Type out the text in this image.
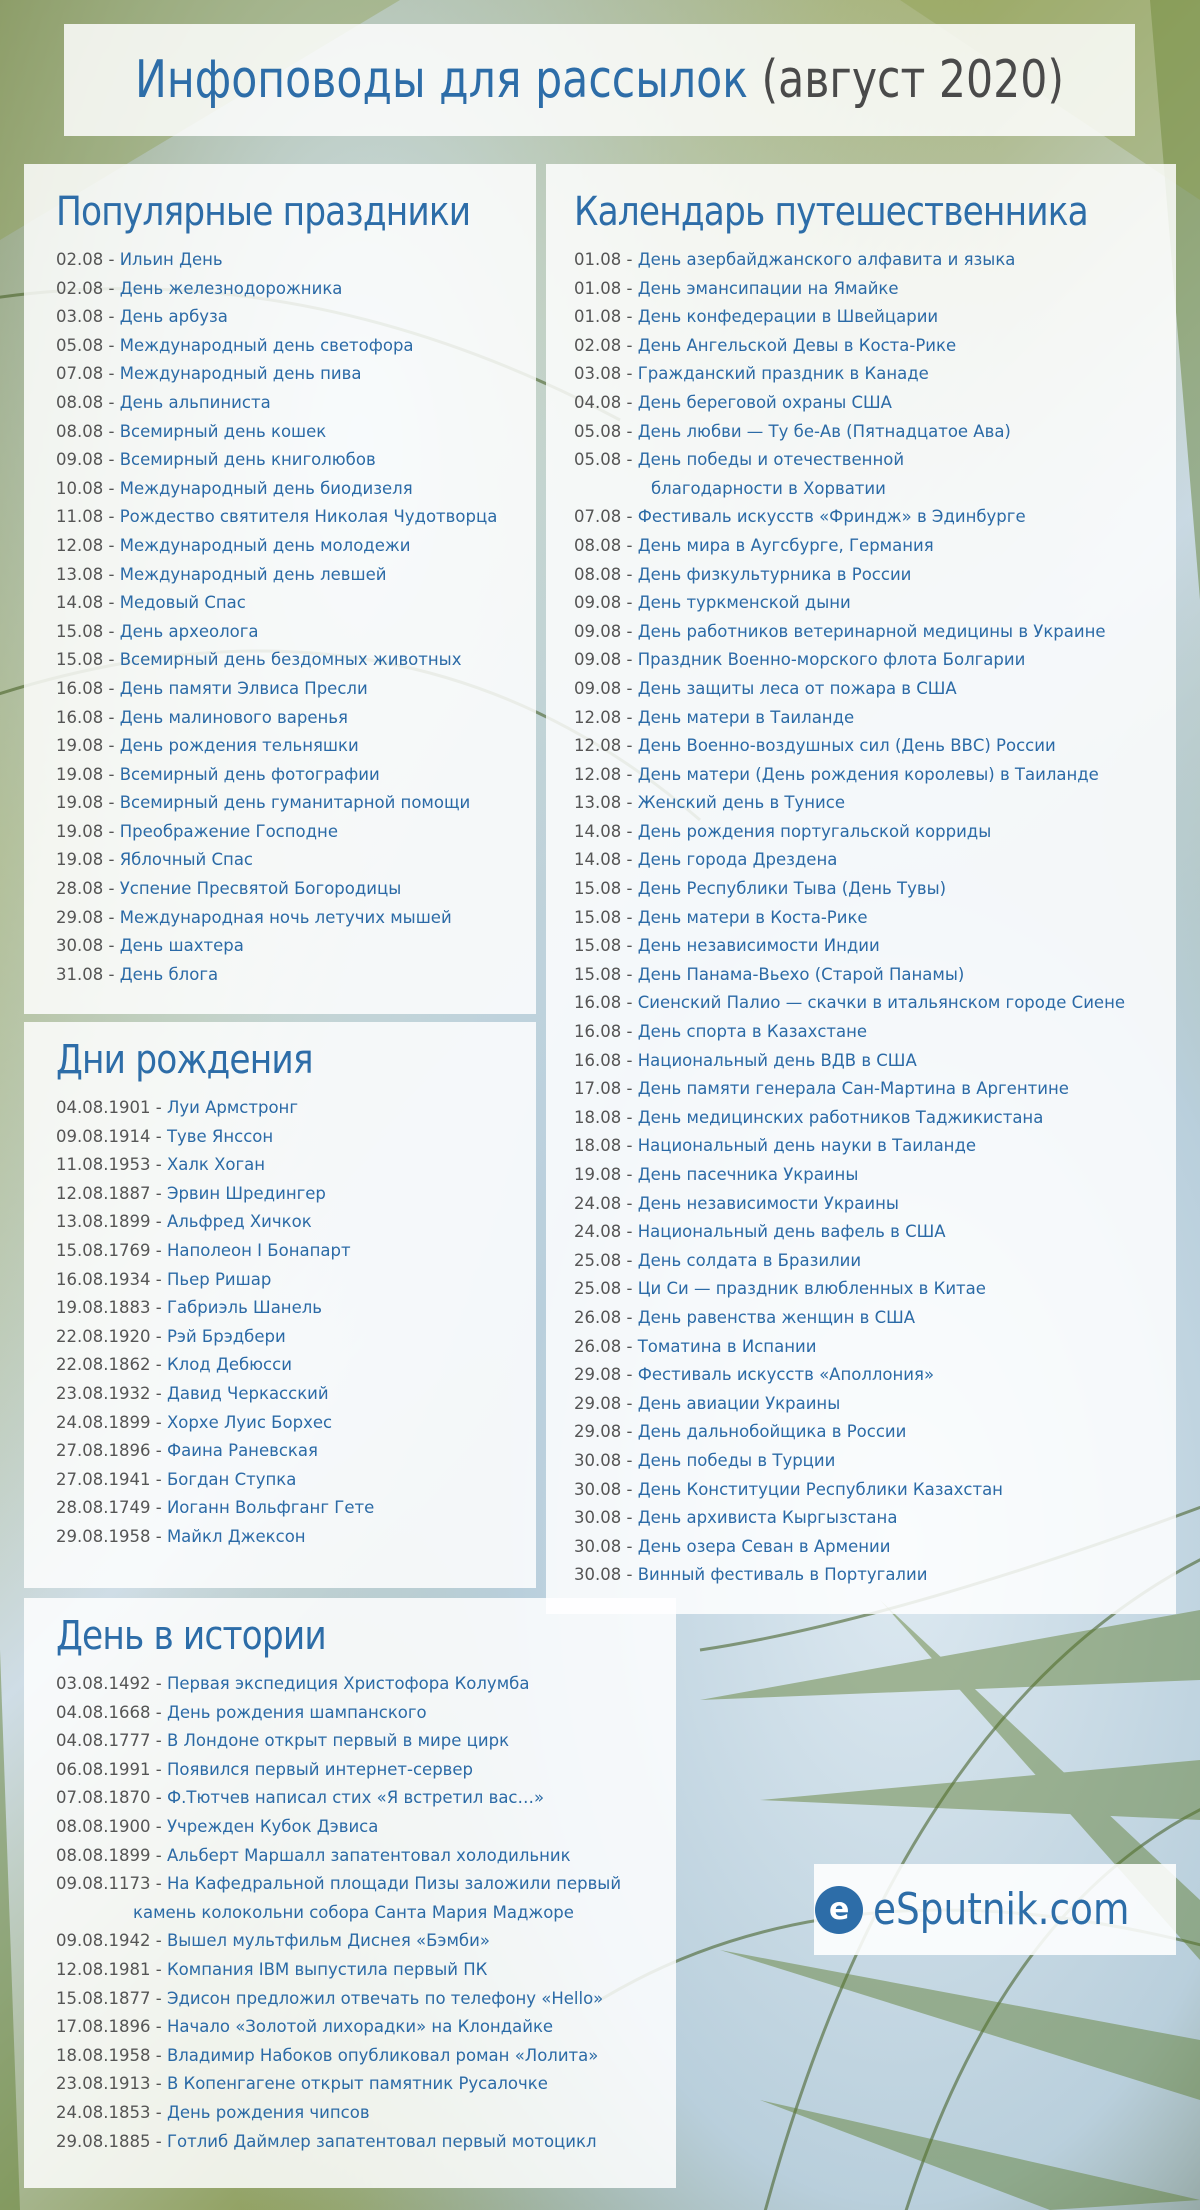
Инфоповоды для рассылок (август 2020)
Популярные праздники
02.08 - Ильин День
02.08 - День железнодорожника
03.08 - День арбуза
05.08 - Международный день светофора
07.08 - Международный день пива
08.08 - День альпиниста
08.08 - Всемирный день кошек
09.08 - Всемирный день книголюбов
10.08 - Международный день биодизеля
11.08 - Рождество святителя Николая Чудотворца
12.08 - Международный день молодежи
13.08 - Международный день левшей
14.08 - Медовый Спас
15.08 - День археолога
15.08 - Всемирный день бездомных животных
16.08 - День памяти Элвиса Пресли
16.08 - День малинового варенья
19.08 - День рождения тельняшки
19.08 - Всемирный день фотографии
19.08 - Всемирный день гуманитарной помощи
19.08 - Преображение Господне
19.08 - Яблочный Спас
28.08 - Успение Пресвятой Богородицы
29.08 - Международная ночь летучих мышей
30.08 - День шахтера
31.08 - День блога
Дни рождения
04.08.1901 - Луи Армстронг
09.08.1914 - Туве Янссон
11.08.1953 - Халк Хоган
12.08.1887 - Эрвин Шредингер
13.08.1899 - Альфред Хичкок
15.08.1769 - Наполеон I Бонапарт
16.08.1934 - Пьер Ришар
19.08.1883 - Габриэль Шанель
22.08.1920 - Рэй Брэдбери
22.08.1862 - Клод Дебюсси
23.08.1932 - Давид Черкасский
24.08.1899 - Хорхе Луис Борхес
27.08.1896 - Фаина Раневская
27.08.1941 - Богдан Ступка
28.08.1749 - Иоганн Вольфганг Гете
29.08.1958 - Майкл Джексон
День в истории
03.08.1492 - Первая экспедиция Христофора Колумба
04.08.1668 - День рождения шампанского
04.08.1777 - В Лондоне открыт первый в мире цирк
06.08.1991 - Появился первый интернет-сервер
07.08.1870 - Ф.Тютчев написал стих «Я встретил вас…»
08.08.1900 - Учрежден Кубок Дэвиса
08.08.1899 - Альберт Маршалл запатентовал холодильник
09.08.1173 - На Кафедральной площади Пизы заложили первый
камень колокольни собора Санта Мария Маджоре
09.08.1942 - Вышел мультфильм Диснея «Бэмби»
12.08.1981 - Компания IBM выпустила первый ПК
15.08.1877 - Эдисон предложил отвечать по телефону «Hello»
17.08.1896 - Начало «Золотой лихорадки» на Клондайке
18.08.1958 - Владимир Набоков опубликовал роман «Лолита»
23.08.1913 - В Копенгагене открыт памятник Русалочке
24.08.1853 - День рождения чипсов
29.08.1885 - Готлиб Даймлер запатентовал первый мотоцикл
Календарь путешественника
01.08 - День азербайджанского алфавита и языка
01.08 - День эмансипации на Ямайке
01.08 - День конфедерации в Швейцарии
02.08 - День Ангельской Девы в Коста-Рике
03.08 - Гражданский праздник в Канаде
04.08 - День береговой охраны США
05.08 - День любви — Ту бе-Ав (Пятнадцатое Ава)
05.08 - День победы и отечественной
благодарности в Хорватии
07.08 - Фестиваль искусств «Фриндж» в Эдинбурге
08.08 - День мира в Аугсбурге, Германия
08.08 - День физкультурника в России
09.08 - День туркменской дыни
09.08 - День работников ветеринарной медицины в Украине
09.08 - Праздник Военно-морского флота Болгарии
09.08 - День защиты леса от пожара в США
12.08 - День матери в Таиланде
12.08 - День Военно-воздушных сил (День ВВС) России
12.08 - День матери (День рождения королевы) в Таиланде
13.08 - Женский день в Тунисе
14.08 - День рождения португальской корриды
14.08 - День города Дрездена
15.08 - День Республики Тыва (День Тувы)
15.08 - День матери в Коста-Рике
15.08 - День независимости Индии
15.08 - День Панама-Вьехо (Старой Панамы)
16.08 - Сиенский Палио — скачки в итальянском городе Сиене
16.08 - День спорта в Казахстане
16.08 - Национальный день ВДВ в США
17.08 - День памяти генерала Сан-Мартина в Аргентине
18.08 - День медицинских работников Таджикистана
18.08 - Национальный день науки в Таиланде
19.08 - День пасечника Украины
24.08 - День независимости Украины
24.08 - Национальный день вафель в США
25.08 - День солдата в Бразилии
25.08 - Ци Си — праздник влюбленных в Китае
26.08 - День равенства женщин в США
26.08 - Томатина в Испании
29.08 - Фестиваль искусств «Аполлония»
29.08 - День авиации Украины
29.08 - День дальнобойщика в России
30.08 - День победы в Турции
30.08 - День Конституции Республики Казахстан
30.08 - День архивиста Кыргызстана
30.08 - День озера Севан в Армении
30.08 - Винный фестиваль в Португалии
e eSputnik.com
